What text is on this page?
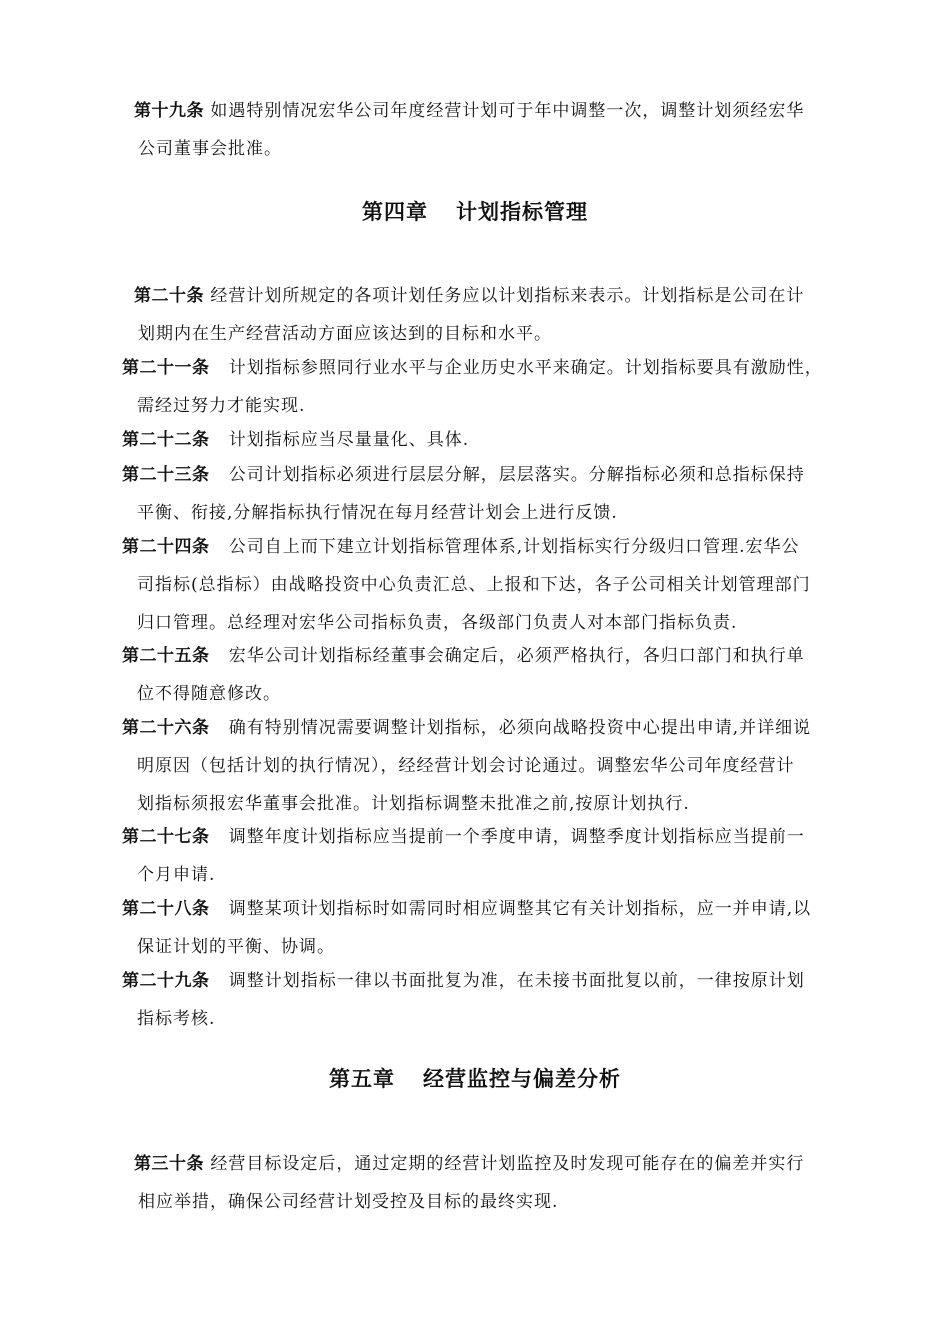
第十九条 如遇特别情况宏华公司年度经营计划可于年中调整一次，调整计划须经宏华
公司董事会批准。
第四章 计划指标管理
第二十条 经营计划所规定的各项计划任务应以计划指标来表示。计划指标是公司在计
划期内在生产经营活动方面应该达到的目标和水平。
第二十一条 计划指标参照同行业水平与企业历史水平来确定。计划指标要具有激励性，
需经过努力才能实现.
第二十二条 计划指标应当尽量量化、具体.
第二十三条 公司计划指标必须进行层层分解，层层落实。分解指标必须和总指标保持
平衡、衔接,分解指标执行情况在每月经营计划会上进行反馈.
第二十四条 公司自上而下建立计划指标管理体系,计划指标实行分级归口管理.宏华公
司指标(总指标）由战略投资中心负责汇总、上报和下达，各子公司相关计划管理部门
归口管理。总经理对宏华公司指标负责，各级部门负责人对本部门指标负责.
第二十五条 宏华公司计划指标经董事会确定后，必须严格执行，各归口部门和执行单
位不得随意修改。
第二十六条 确有特别情况需要调整计划指标，必须向战略投资中心提出申请,并详细说
明原因（包括计划的执行情况），经经营计划会讨论通过。调整宏华公司年度经营计
划指标须报宏华董事会批准。计划指标调整未批准之前,按原计划执行.
第二十七条 调整年度计划指标应当提前一个季度申请，调整季度计划指标应当提前一
个月申请.
第二十八条 调整某项计划指标时如需同时相应调整其它有关计划指标，应一并申请,以
保证计划的平衡、协调。
第二十九条 调整计划指标一律以书面批复为准，在未接书面批复以前，一律按原计划
指标考核.
第五章 经营监控与偏差分析
第三十条 经营目标设定后，通过定期的经营计划监控及时发现可能存在的偏差并实行
相应举措，确保公司经营计划受控及目标的最终实现.
